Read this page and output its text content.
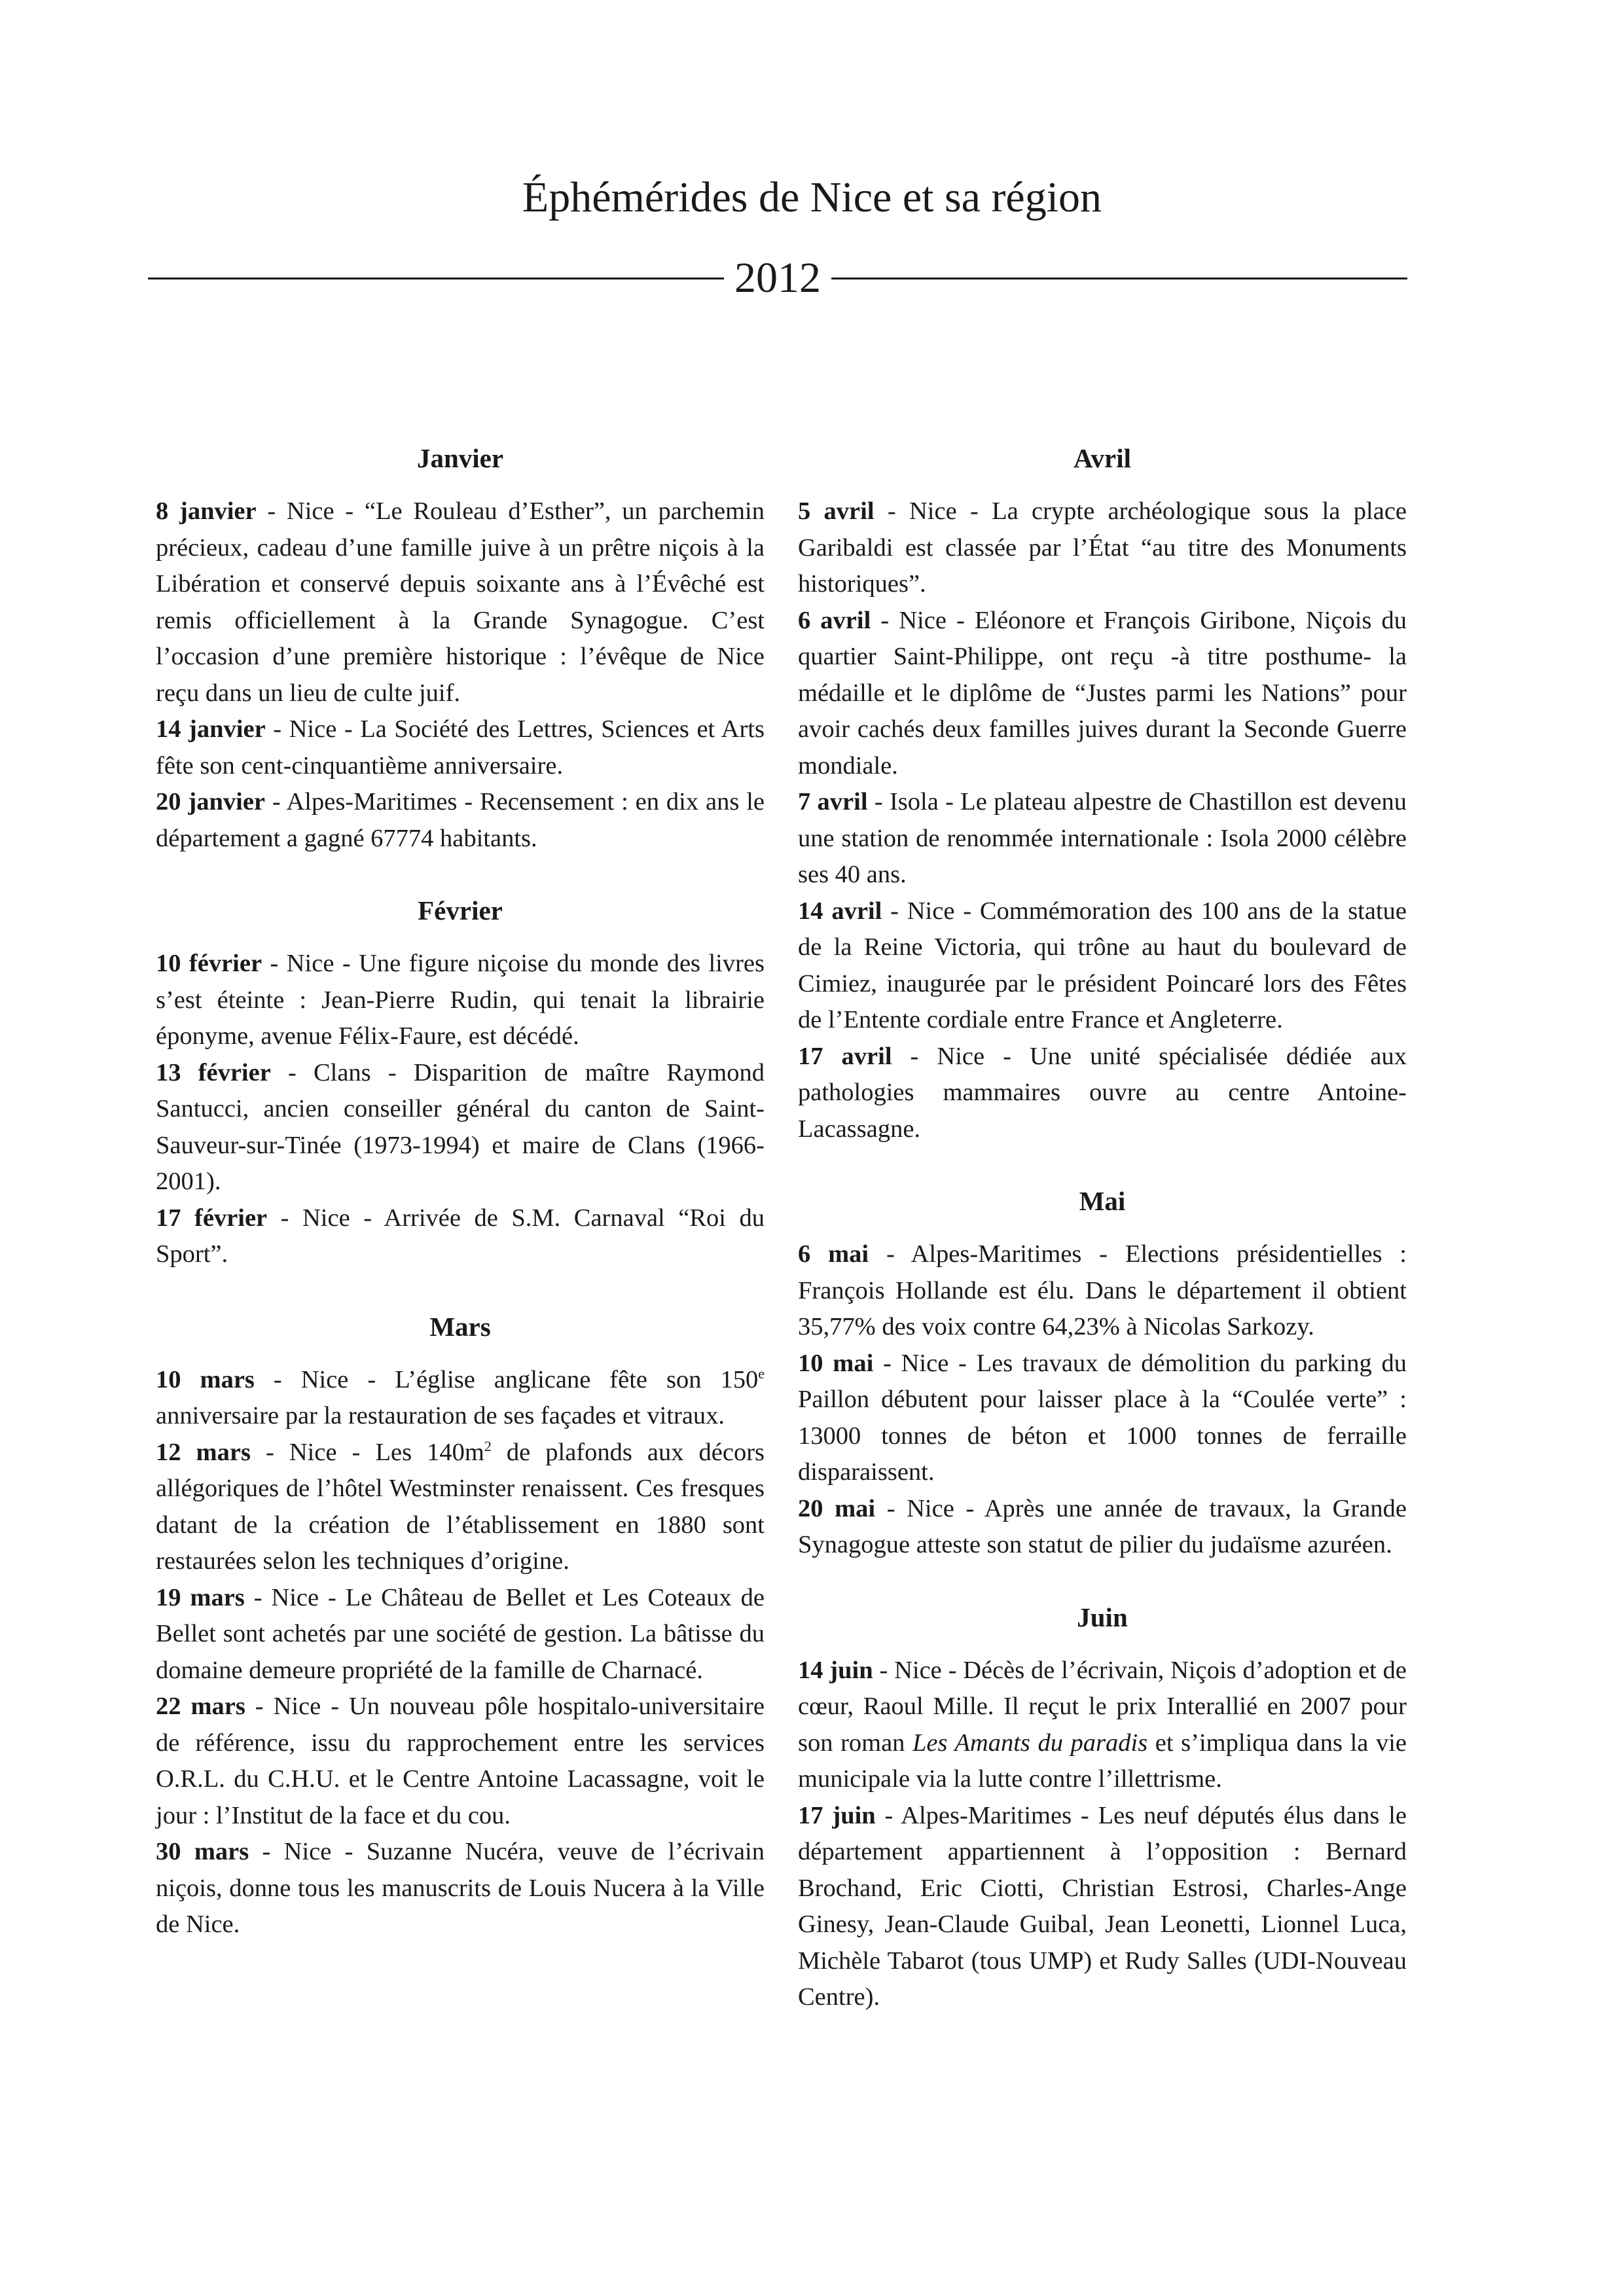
Éphémérides de Nice et sa région
2012
Janvier

8 janvier - Nice - “Le Rouleau d’Esther”, un parchemin précieux, cadeau d’une famille juive à un prêtre niçois à la Libération et conservé depuis soixante ans à l’Évêché est remis officiellement à la Grande Synagogue. C’est l’occasion d’une première historique : l’évêque de Nice reçu dans un lieu de culte juif.

14 janvier - Nice - La Société des Lettres, Sciences et Arts fête son cent-cinquantième anniversaire.

20 janvier - Alpes-Maritimes - Recensement : en dix ans le département a gagné 67774 habitants.

Février

10 février - Nice - Une figure niçoise du monde des livres s’est éteinte : Jean-Pierre Rudin, qui tenait la librairie éponyme, avenue Félix-Faure, est décédé.

13 février - Clans - Disparition de maître Raymond Santucci, ancien conseiller général du canton de Saint-Sauveur-sur-Tinée (1973-1994) et maire de Clans (1966-2001).

17 février - Nice - Arrivée de S.M. Carnaval “Roi du Sport”.

Mars

10 mars - Nice - L’église anglicane fête son 150e anniversaire par la restauration de ses façades et vitraux.

12 mars - Nice - Les $140m^2$ de plafonds aux décors allégoriques de l’hôtel Westminster renaissent. Ces fresques datant de la création de l’établissement en 1880 sont restaurées selon les techniques d’origine.

19 mars - Nice - Le Château de Bellet et Les Coteaux de Bellet sont achetés par une société de gestion. La bâtisse du domaine demeure propriété de la famille de Charnacé.

22 mars - Nice - Un nouveau pôle hospitalo-universitaire de référence, issu du rapprochement entre les services O.R.L. du C.H.U. et le Centre Antoine Lacassagne, voit le jour : l’Institut de la face et du cou.

30 mars - Nice - Suzanne Nucéra, veuve de l’écrivain niçois, donne tous les manuscrits de Louis Nucera à la Ville de Nice.

Avril

5 avril - Nice - La crypte archéologique sous la place Garibaldi est classée par l’État “au titre des Monuments historiques”.

6 avril - Nice - Eléonore et François Giribone, Niçois du quartier Saint-Philippe, ont reçu -à titre posthume- la médaille et le diplôme de “Justes parmi les Nations” pour avoir cachés deux familles juives durant la Seconde Guerre mondiale.

7 avril - Isola - Le plateau alpestre de Chastillon est devenu une station de renommée internationale : Isola 2000 célèbre ses 40 ans.

14 avril - Nice - Commémoration des 100 ans de la statue de la Reine Victoria, qui trône au haut du boulevard de Cimiez, inaugurée par le président Poincaré lors des Fêtes de l’Entente cordiale entre France et Angleterre.

17 avril - Nice - Une unité spécialisée dédiée aux pathologies mammaires ouvre au centre Antoine-Lacassagne.

Mai

6 mai - Alpes-Maritimes - Elections présidentielles : François Hollande est élu. Dans le département il obtient 35,77% des voix contre 64,23% à Nicolas Sarkozy.

10 mai - Nice - Les travaux de démolition du parking du Paillon débutent pour laisser place à la “Coulée verte” : 13000 tonnes de béton et 1000 tonnes de ferraille disparaissent.

20 mai - Nice - Après une année de travaux, la Grande Synagogue atteste son statut de pilier du judaïsme azuréen.

Juin

14 juin - Nice - Décès de l’écrivain, Niçois d’adoption et de cœur, Raoul Mille. Il reçut le prix Interallié en 2007 pour son roman Les Amants du paradis et s’impliqua dans la vie municipale via la lutte contre l’illettrisme.

17 juin - Alpes-Maritimes - Les neuf députés élus dans le département appartiennent à l’opposition : Bernard Brochand, Eric Ciotti, Christian Estrosi, Charles-Ange Ginesy, Jean-Claude Guibal, Jean Leonetti, Lionnel Luca, Michèle Tabarot (tous UMP) et Rudy Salles (UDI-Nouveau Centre).
